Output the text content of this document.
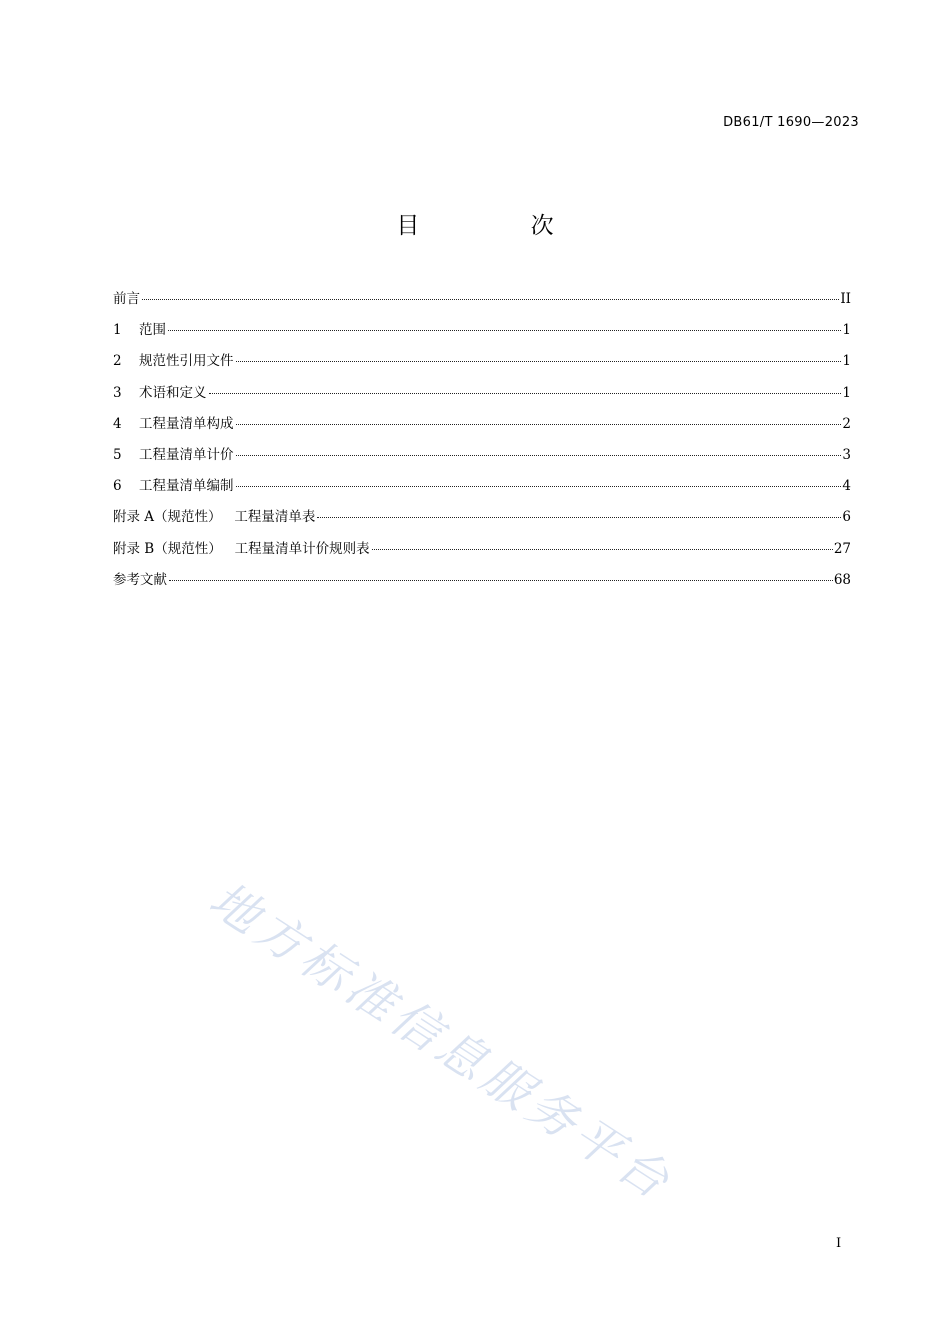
DB61/T 1690—2023
目 次
前言	II
1	范围	1
2	规范性引用文件	1
3	术语和定义	1
4	工程量清单构成	2
5	工程量清单计价	3
6	工程量清单编制	4
附录 A（规范性）   工程量清单表	6
附录 B（规范性）   工程量清单计价规则表	27
参考文献	68
地方标准信息服务平台
I
